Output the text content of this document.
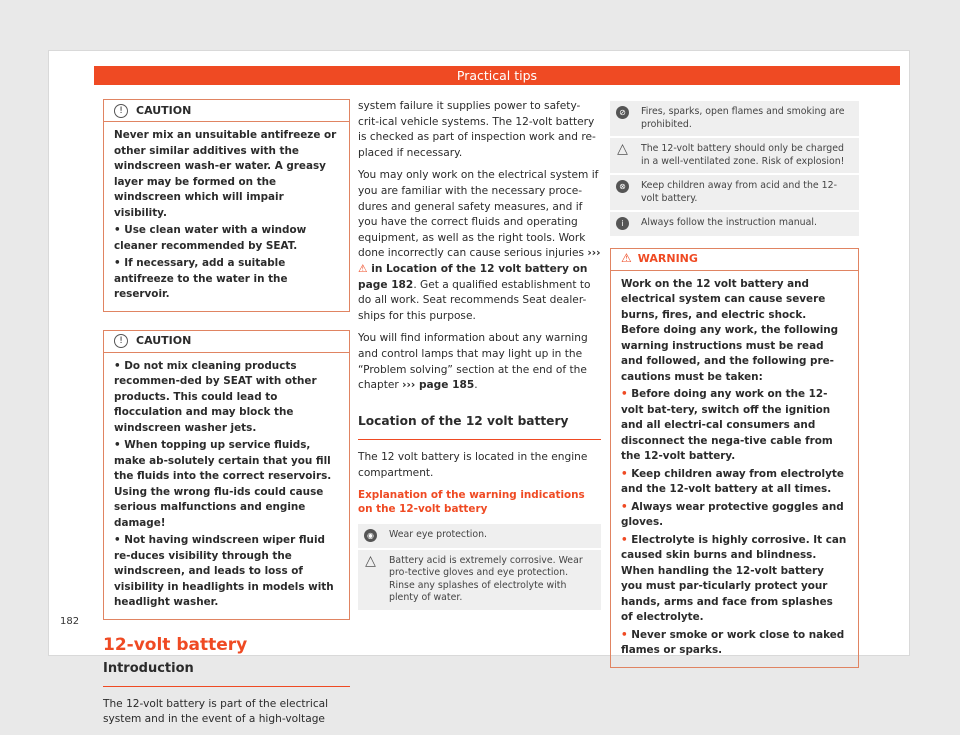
Practical tips
!	CAUTION

Never mix an unsuitable antifreeze or other similar additives with the windscreen wash-er water. A greasy layer may be formed on the windscreen which will impair visibility.

• Use clean water with a window cleaner recommended by SEAT.

• If necessary, add a suitable antifreeze to the water in the reservoir.

!	CAUTION

• Do not mix cleaning products recommen-ded by SEAT with other products. This could lead to flocculation and may block the windscreen washer jets.

• When topping up service fluids, make ab-solutely certain that you fill the fluids into the correct reservoirs. Using the wrong flu-ids could cause serious malfunctions and engine damage!

• Not having windscreen wiper fluid re-duces visibility through the windscreen, and leads to loss of visibility in headlights in models with headlight washer.

12-volt battery
Introduction
The 12-volt battery is part of the electrical system and in the event of a high-voltage
system failure it supplies power to safety-crit-ical vehicle systems. The 12-volt battery is checked as part of inspection work and re-placed if necessary.
You may only work on the electrical system if you are familiar with the necessary proce-dures and general safety measures, and if you have the correct fluids and operating equipment, as well as the right tools. Work done incorrectly can cause serious injuries ››› ⚠ in Location of the 12 volt battery on page 182. Get a qualified establishment to do all work. Seat recommends Seat dealer-ships for this purpose.
You will find information about any warning and control lamps that may light up in the “Problem solving” section at the end of the chapter ››› page 185.
Location of the 12 volt battery
The 12 volt battery is located in the engine compartment.
Explanation of the warning indications on the 12-volt battery
◉	Wear eye protection.
△	Battery acid is extremely corrosive. Wear pro-tective gloves and eye protection. Rinse any splashes of electrolyte with plenty of water.
⊘	Fires, sparks, open flames and smoking are prohibited.
△	The 12-volt battery should only be charged in a well-ventilated zone. Risk of explosion!
⊗	Keep children away from acid and the 12-volt battery.
i	Always follow the instruction manual.
⚠ WARNING

Work on the 12 volt battery and electrical system can cause severe burns, fires, and electric shock. Before doing any work, the following warning instructions must be read and followed, and the following pre-cautions must be taken:

• Before doing any work on the 12-volt bat-tery, switch off the ignition and all electri-cal consumers and disconnect the nega-tive cable from the 12-volt battery.

• Keep children away from electrolyte and the 12-volt battery at all times.

• Always wear protective goggles and gloves.

• Electrolyte is highly corrosive. It can caused skin burns and blindness. When handling the 12-volt battery you must par-ticularly protect your hands, arms and face from splashes of electrolyte.

• Never smoke or work close to naked flames or sparks.

182
